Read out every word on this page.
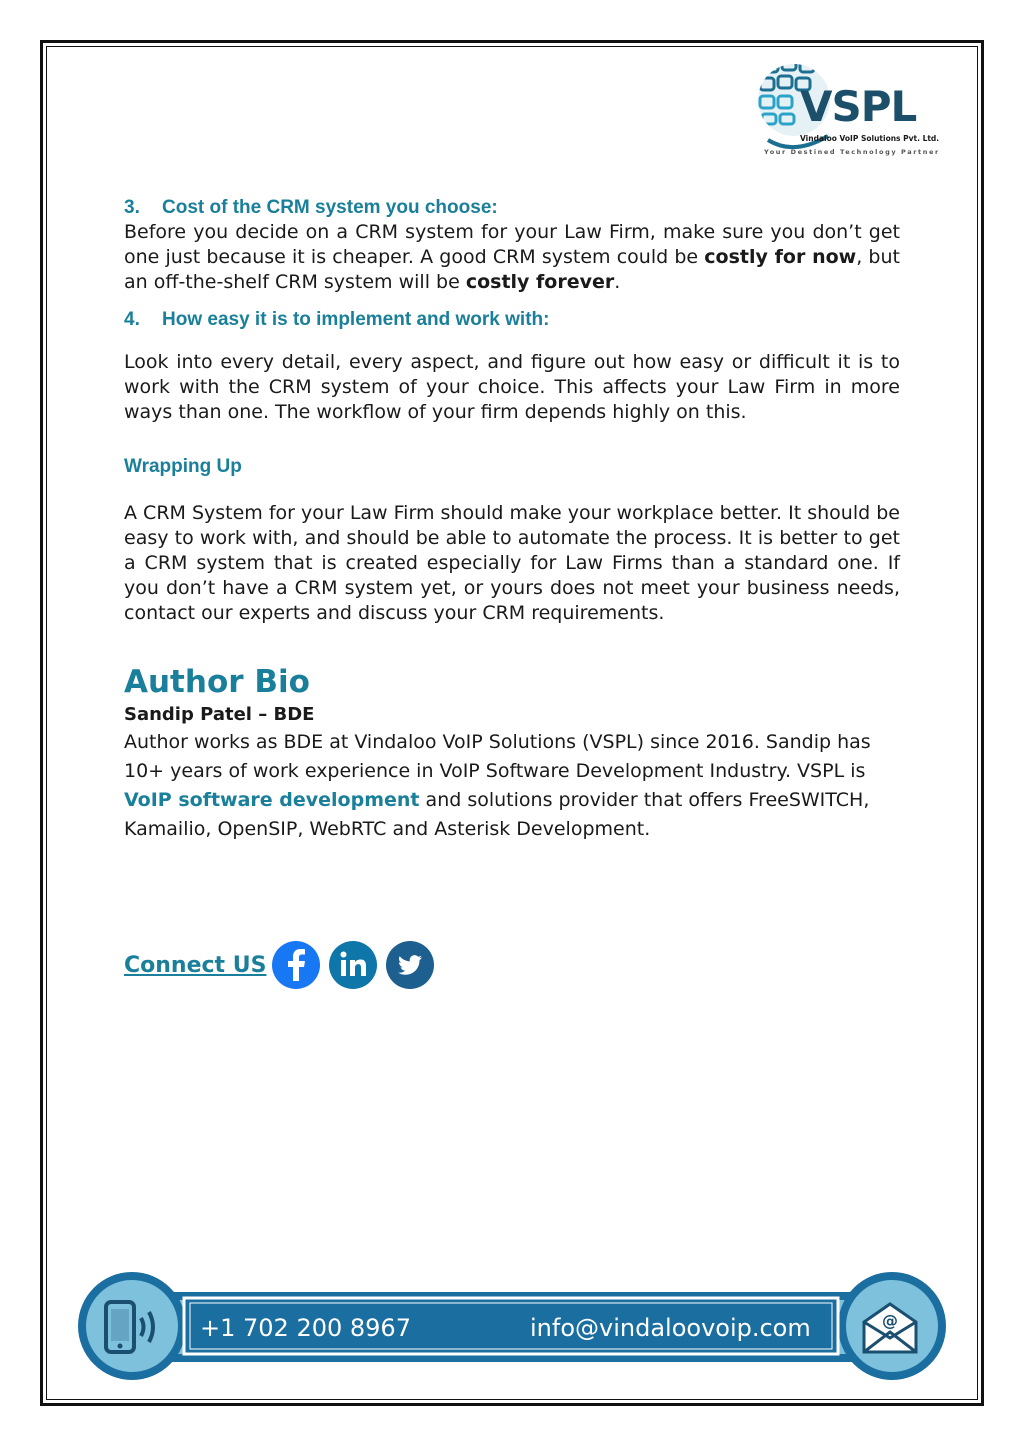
VSPL
Vindaloo VoIP Solutions Pvt. Ltd.
Your Destined Technology Partner
3. Cost of the CRM system you choose:

Before you decide on a CRM system for your Law Firm, make sure you don’t get one just because it is cheaper. A good CRM system could be costly for now, but an off-the-shelf CRM system will be costly forever.

4. How easy it is to implement and work with:

Look into every detail, every aspect, and figure out how easy or difficult it is to work with the CRM system of your choice. This affects your Law Firm in more ways than one. The workflow of your firm depends highly on this.

Wrapping Up

A CRM System for your Law Firm should make your workplace better. It should be easy to work with, and should be able to automate the process. It is better to get a CRM system that is created especially for Law Firms than a standard one. If you don’t have a CRM system yet, or yours does not meet your business needs, contact our experts and discuss your CRM requirements.

Author Bio

Sandip Patel – BDE

Author works as BDE at Vindaloo VoIP Solutions (VSPL) since 2016. Sandip has 10+ years of work experience in VoIP Software Development Industry. VSPL is VoIP software development and solutions provider that offers FreeSWITCH, Kamailio, OpenSIP, WebRTC and Asterisk Development.

Connect US
@
+1 702 200 8967	info@vindaloovoip.com
